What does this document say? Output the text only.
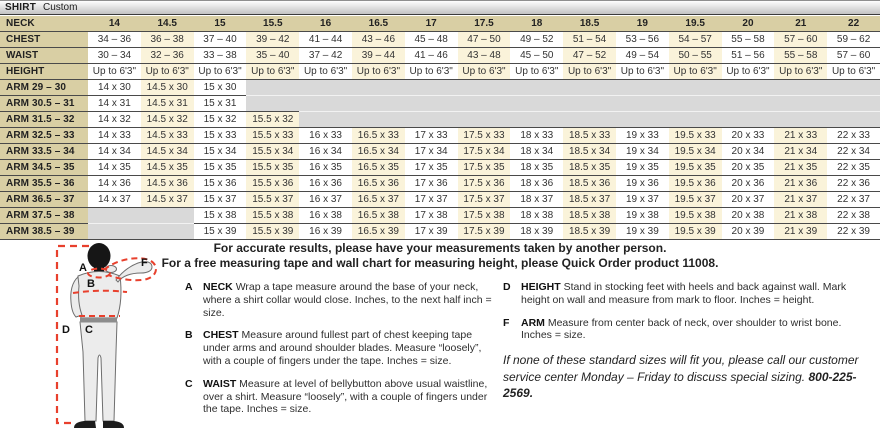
SHIRT Custom
NECK	14	14.5	15	15.5	16	16.5	17	17.5	18	18.5	19	19.5	20	21	22
CHEST	34 – 36	36 – 38	37 – 40	39 – 42	41 – 44	43 – 46	45 – 48	47 – 50	49 – 52	51 – 54	53 – 56	54 – 57	55 – 58	57 – 60	59 – 62
WAIST	30 – 34	32 – 36	33 – 38	35 – 40	37 – 42	39 – 44	41 – 46	43 – 48	45 – 50	47 – 52	49 – 54	50 – 55	51 – 56	55 – 58	57 – 60
HEIGHT	Up to 6'3"	Up to 6'3"	Up to 6'3"	Up to 6'3"	Up to 6'3"	Up to 6'3"	Up to 6'3"	Up to 6'3"	Up to 6'3"	Up to 6'3"	Up to 6'3"	Up to 6'3"	Up to 6'3"	Up to 6'3"	Up to 6'3"
ARM 29 – 30	14 x 30	14.5 x 30	15 x 30												
ARM 30.5 – 31	14 x 31	14.5 x 31	15 x 31												
ARM 31.5 – 32	14 x 32	14.5 x 32	15 x 32	15.5 x 32											
ARM 32.5 – 33	14 x 33	14.5 x 33	15 x 33	15.5 x 33	16 x 33	16.5 x 33	17 x 33	17.5 x 33	18 x 33	18.5 x 33	19 x 33	19.5 x 33	20 x 33	21 x 33	22 x 33
ARM 33.5 – 34	14 x 34	14.5 x 34	15 x 34	15.5 x 34	16 x 34	16.5 x 34	17 x 34	17.5 x 34	18 x 34	18.5 x 34	19 x 34	19.5 x 34	20 x 34	21 x 34	22 x 34
ARM 34.5 – 35	14 x 35	14.5 x 35	15 x 35	15.5 x 35	16 x 35	16.5 x 35	17 x 35	17.5 x 35	18 x 35	18.5 x 35	19 x 35	19.5 x 35	20 x 35	21 x 35	22 x 35
ARM 35.5 – 36	14 x 36	14.5 x 36	15 x 36	15.5 x 36	16 x 36	16.5 x 36	17 x 36	17.5 x 36	18 x 36	18.5 x 36	19 x 36	19.5 x 36	20 x 36	21 x 36	22 x 36
ARM 36.5 – 37	14 x 37	14.5 x 37	15 x 37	15.5 x 37	16 x 37	16.5 x 37	17 x 37	17.5 x 37	18 x 37	18.5 x 37	19 x 37	19.5 x 37	20 x 37	21 x 37	22 x 37
ARM 37.5 – 38			15 x 38	15.5 x 38	16 x 38	16.5 x 38	17 x 38	17.5 x 38	18 x 38	18.5 x 38	19 x 38	19.5 x 38	20 x 38	21 x 38	22 x 38
ARM 38.5 – 39			15 x 39	15.5 x 39	16 x 39	16.5 x 39	17 x 39	17.5 x 39	18 x 39	18.5 x 39	19 x 39	19.5 x 39	20 x 39	21 x 39	22 x 39
For accurate results, please have your measurements taken by another person.
For a free measuring tape and wall chart for measuring height, please Quick Order product 11008.
A
B
C
D
F
A NECK Wrap a tape measure around the base of your neck, where a shirt collar would close. Inches, to the next half inch = size.
B CHEST Measure around fullest part of chest keeping tape under arms and around shoulder blades. Measure “loosely”, with a couple of fingers under the tape. Inches = size.
C WAIST Measure at level of bellybutton above usual waistline, over a shirt. Measure “loosely”, with a couple of fingers under the tape. Inches = size.
D HEIGHT Stand in stocking feet with heels and back against wall. Mark height on wall and measure from mark to floor. Inches = height.
F	ARM Measure from center back of neck, over shoulder to wrist bone. Inches = size.
If none of these standard sizes will fit you, please call our customer service center Monday – Friday to discuss special sizing. 800-225-2569.
